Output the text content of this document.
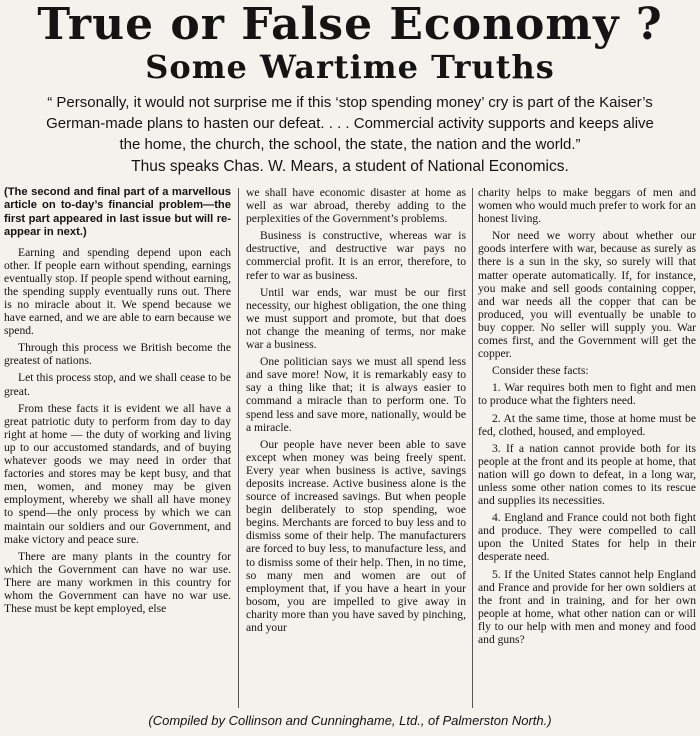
True or False Economy ?
Some Wartime Truths
“ Personally, it would not surprise me if this ‘stop spending money’ cry is part of the Kaiser’s German-made plans to hasten our defeat. . . . Commercial activity supports and keeps alive the home, the church, the school, the state, the nation and the world.”
Thus speaks Chas. W. Mears, a student of National Economics.

(The second and final part of a marvellous article on to-day’s financial problem—the first part appeared in last issue but will re-appear in next.)

Earning and spending depend upon each other. If people earn without spending, earnings eventually stop. If people spend without earning, the spending supply eventually runs out. There is no miracle about it. We spend because we have earned, and we are able to earn because we spend.

Through this process we British become the greatest of nations.

Let this process stop, and we shall cease to be great.

From these facts it is evident we all have a great patriotic duty to perform from day to day right at home — the duty of working and living up to our accustomed standards, and of buying whatever goods we may need in order that factories and stores may be kept busy, and that men, women, and money may be given employment, whereby we shall all have money to spend—the only process by which we can maintain our soldiers and our Government, and make victory and peace sure.

There are many plants in the country for which the Government can have no war use. There are many workmen in this country for whom the Government can have no war use. These must be kept employed, else

we shall have economic disaster at home as well as war abroad, thereby adding to the perplexities of the Government’s problems.

Business is constructive, whereas war is destructive, and destructive war pays no commercial profit. It is an error, therefore, to refer to war as business.

Until war ends, war must be our first necessity, our highest obligation, the one thing we must support and promote, but that does not change the meaning of terms, nor make war a business.

One politician says we must all spend less and save more! Now, it is remarkably easy to say a thing like that; it is always easier to command a miracle than to perform one. To spend less and save more, nationally, would be a miracle.

Our people have never been able to save except when money was being freely spent. Every year when business is active, savings deposits increase. Active business alone is the source of increased savings. But when people begin deliberately to stop spending, woe begins. Merchants are forced to buy less and to dismiss some of their help. The manufacturers are forced to buy less, to manufacture less, and to dismiss some of their help. Then, in no time, so many men and women are out of employment that, if you have a heart in your bosom, you are impelled to give away in charity more than you have saved by pinching, and your

charity helps to make beggars of men and women who would much prefer to work for an honest living.

Nor need we worry about whether our goods interfere with war, because as surely as there is a sun in the sky, so surely will that matter operate automatically. If, for instance, you make and sell goods containing copper, and war needs all the copper that can be produced, you will eventually be unable to buy copper. No seller will supply you. War comes first, and the Government will get the copper.

Consider these facts:

1. War requires both men to fight and men to produce what the fighters need.

2. At the same time, those at home must be fed, clothed, housed, and employed.

3. If a nation cannot provide both for its people at the front and its people at home, that nation will go down to defeat, in a long war, unless some other nation comes to its rescue and supplies its necessities.

4. England and France could not both fight and produce. They were compelled to call upon the United States for help in their desperate need.

5. If the United States cannot help England and France and provide for her own soldiers at the front and in training, and for her own people at home, what other nation can or will fly to our help with men and money and food and guns?

(Compiled by Collinson and Cunninghame, Ltd., of Palmerston North.)
